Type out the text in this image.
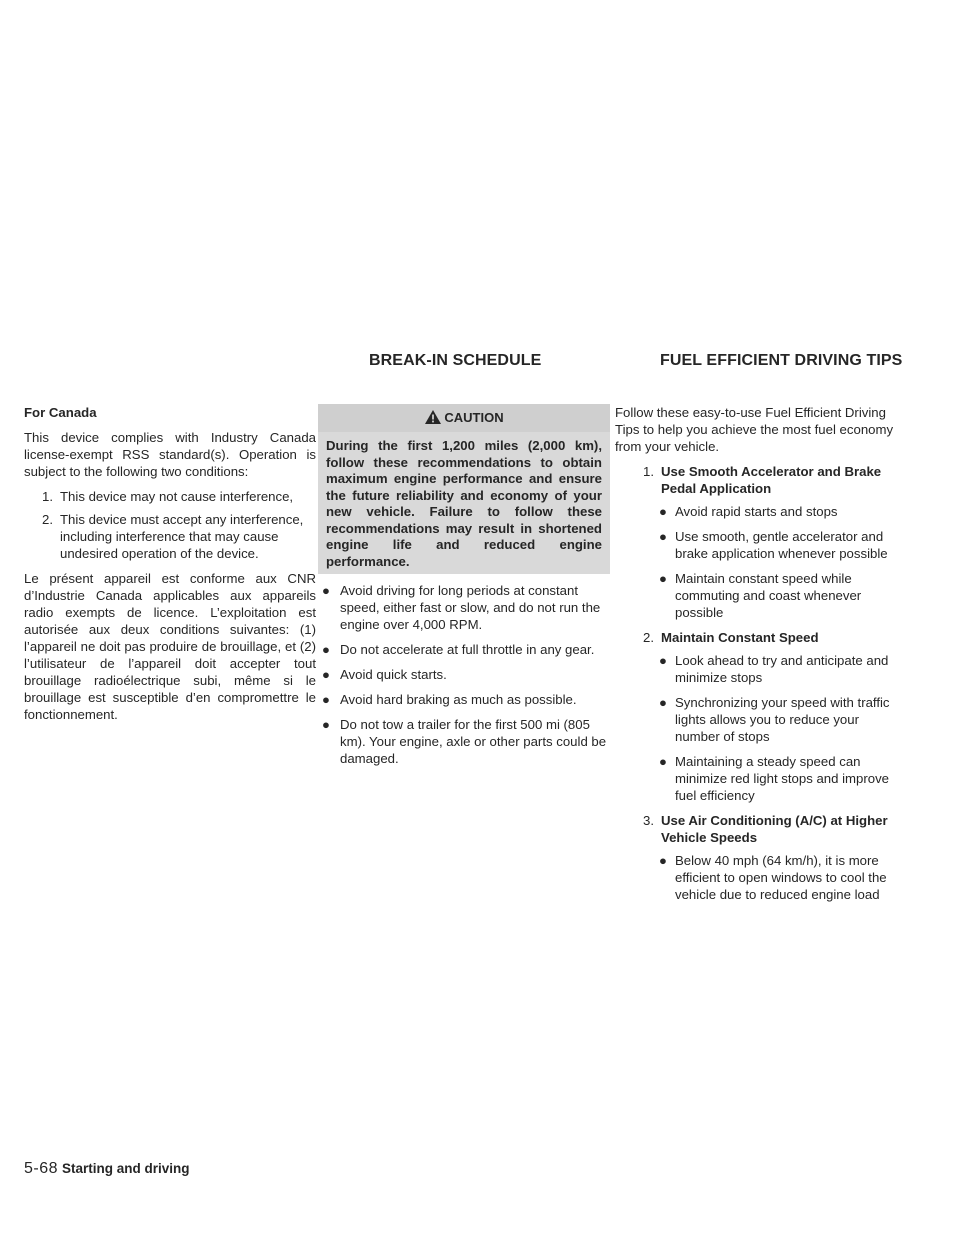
BREAK-IN SCHEDULE	FUEL EFFICIENT DRIVING TIPS

For Canada

This device complies with Industry Canada license-exempt RSS standard(s). Operation is subject to the following two conditions:

1. This device may not cause interference,
2. This device must accept any interference, including interference that may cause undesired operation of the device.

Le présent appareil est conforme aux CNR d’Industrie Canada applicables aux appareils radio exempts de licence. L’exploitation est autorisée aux deux conditions suivantes: (1) l’appareil ne doit pas produire de brouillage, et (2) l’utilisateur de l’appareil doit accepter tout brouillage radioélectrique subi, même si le brouillage est susceptible d’en compromettre le fonctionnement.

CAUTION
During the first 1,200 miles (2,000 km), follow these recommendations to obtain maximum engine performance and ensure the future reliability and economy of your new vehicle. Failure to follow these recommendations may result in shortened engine life and reduced engine performance.
● Avoid driving for long periods at constant speed, either fast or slow, and do not run the engine over 4,000 RPM.
● Do not accelerate at full throttle in any gear.
● Avoid quick starts.
● Avoid hard braking as much as possible.
● Do not tow a trailer for the first 500 mi (805 km). Your engine, axle or other parts could be damaged.

Follow these easy-to-use Fuel Efficient Driving Tips to help you achieve the most fuel economy from your vehicle.

1. Use Smooth Accelerator and Brake Pedal Application
● Avoid rapid starts and stops
● Use smooth, gentle accelerator and brake application whenever possible
● Maintain constant speed while commuting and coast whenever possible
2. Maintain Constant Speed
● Look ahead to try and anticipate and minimize stops
● Synchronizing your speed with traffic lights allows you to reduce your number of stops
● Maintaining a steady speed can minimize red light stops and improve fuel efficiency
3. Use Air Conditioning (A/C) at Higher Vehicle Speeds
● Below 40 mph (64 km/h), it is more efficient to open windows to cool the vehicle due to reduced engine load
5-68 Starting and driving
